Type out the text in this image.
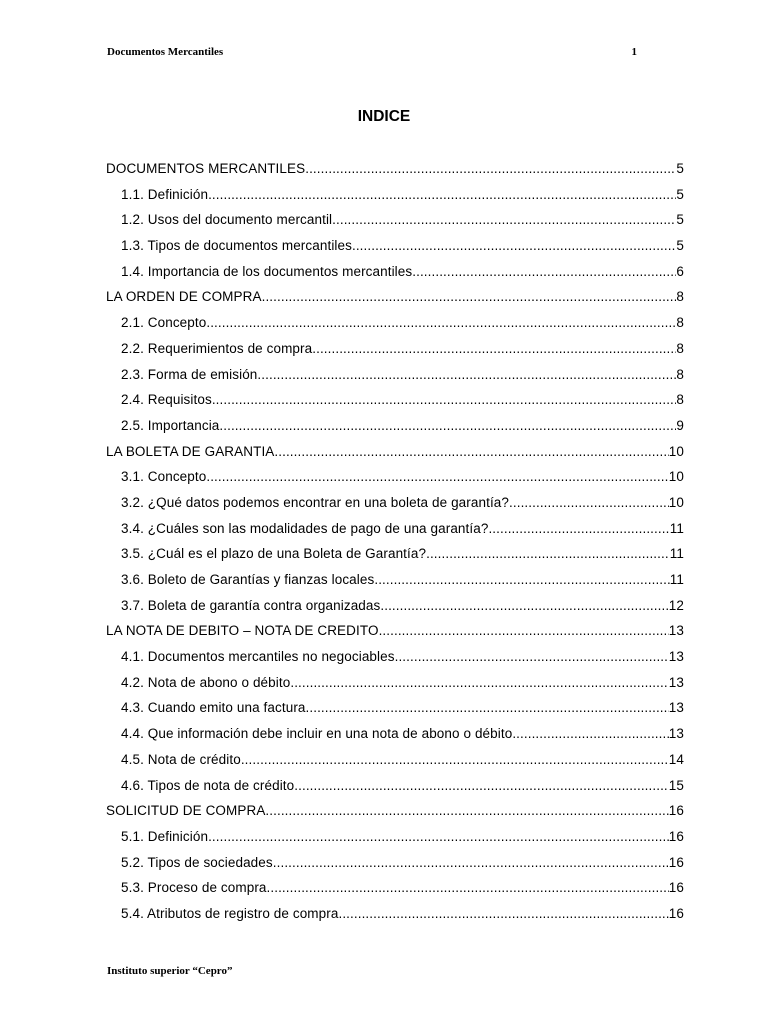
Documentos Mercantiles	1
INDICE
DOCUMENTOS MERCANTILES .....	5
1.1. Definición .....	5
1.2. Usos del documento mercantil .....	5
1.3. Tipos de documentos mercantiles .....	5
1.4. Importancia de los documentos mercantiles .....	6
LA ORDEN DE COMPRA .....	8
2.1. Concepto .....	8
2.2. Requerimientos de compra .....	8
2.3. Forma de emisión .....	8
2.4. Requisitos .....	8
2.5. Importancia .....	9
LA BOLETA DE GARANTIA .....	10
3.1. Concepto .....	10
3.2. ¿Qué datos podemos encontrar en una boleta de garantía? .....	10
3.4. ¿Cuáles son las modalidades de pago de una garantía? .....	11
3.5. ¿Cuál es el plazo de una Boleta de Garantía? .....	11
3.6. Boleto de Garantías y fianzas locales .....	11
3.7. Boleta de garantía contra organizadas .....	12
LA NOTA DE DEBITO – NOTA DE CREDITO .....	13
4.1. Documentos mercantiles no negociables .....	13
4.2. Nota de abono o débito .....	13
4.3. Cuando emito una factura .....	13
4.4. Que información debe incluir en una nota de abono o débito .....	13
4.5. Nota de crédito .....	14
4.6. Tipos de nota de crédito .....	15
SOLICITUD DE COMPRA .....	16
5.1. Definición .....	16
5.2. Tipos de sociedades .....	16
5.3. Proceso de compra .....	16
5.4. Atributos de registro de compra .....	16
Instituto superior “Cepro”
